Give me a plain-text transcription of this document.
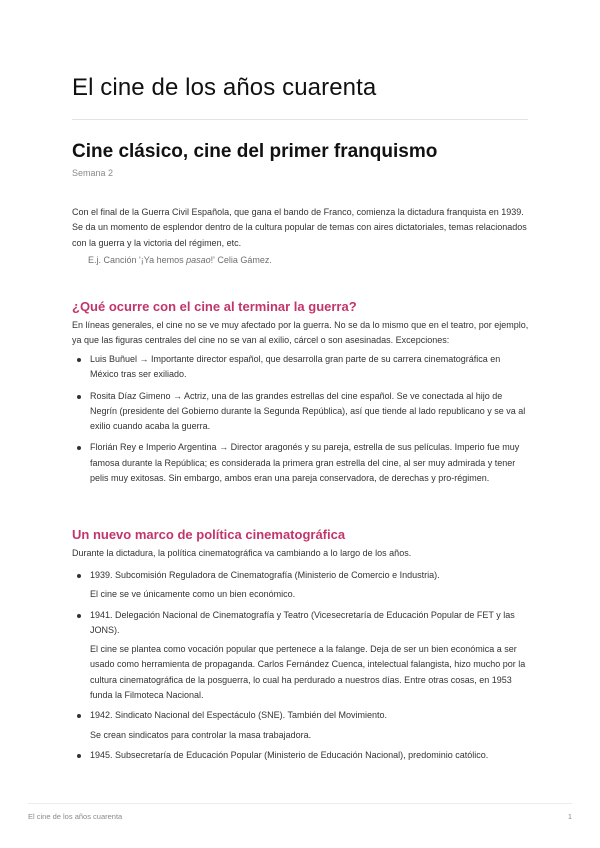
El cine de los años cuarenta
Cine clásico, cine del primer franquismo
Semana 2

Con el final de la Guerra Civil Española, que gana el bando de Franco, comienza la dictadura franquista en 1939. Se da un momento de esplendor dentro de la cultura popular de temas con aires dictatoriales, temas relacionados con la guerra y la victoria del régimen, etc.

E.j. Canción '¡Ya hemos pasao!' Celia Gámez.
¿Qué ocurre con el cine al terminar la guerra?

En líneas generales, el cine no se ve muy afectado por la guerra. No se da lo mismo que en el teatro, por ejemplo, ya que las figuras centrales del cine no se van al exilio, cárcel o son asesinadas. Excepciones:

Luis Buñuel → Importante director español, que desarrolla gran parte de su carrera cinematográfica en México tras ser exiliado.
Rosita Díaz Gimeno → Actriz, una de las grandes estrellas del cine español. Se ve conectada al hijo de Negrín (presidente del Gobierno durante la Segunda República), así que tiende al lado republicano y se va al exilio cuando acaba la guerra.
Florián Rey e Imperio Argentina → Director aragonés y su pareja, estrella de sus películas. Imperio fue muy famosa durante la República; es considerada la primera gran estrella del cine, al ser muy admirada y tener pelis muy exitosas. Sin embargo, ambos eran una pareja conservadora, de derechas y pro-régimen.
Un nuevo marco de política cinematográfica

Durante la dictadura, la política cinematográfica va cambiando a lo largo de los años.

1939. Subcomisión Reguladora de Cinematografía (Ministerio de Comercio e Industria).
El cine se ve únicamente como un bien económico.
1941. Delegación Nacional de Cinematografía y Teatro (Vicesecretaría de Educación Popular de FET y las JONS).
El cine se plantea como vocación popular que pertenece a la falange. Deja de ser un bien económica a ser usado como herramienta de propaganda. Carlos Fernández Cuenca, intelectual falangista, hizo mucho por la cultura cinematográfica de la posguerra, lo cual ha perdurado a nuestros días. Entre otras cosas, en 1953 funda la Filmoteca Nacional.
1942. Sindicato Nacional del Espectáculo (SNE). También del Movimiento.
Se crean sindicatos para controlar la masa trabajadora.
1945. Subsecretaría de Educación Popular (Ministerio de Educación Nacional), predominio católico.
El cine de los años cuarenta	1
